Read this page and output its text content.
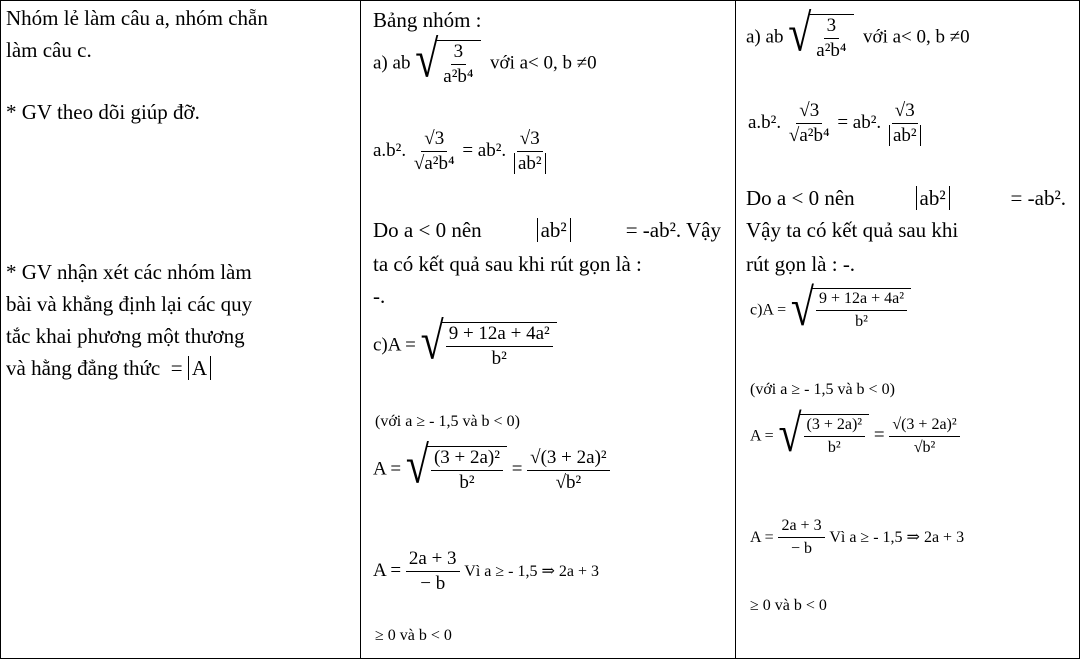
Nhóm lẻ làm câu a, nhóm chẵn
làm câu c.
* GV theo dõi giúp đỡ.
* GV nhận xét các nhóm làm
bài và khẳng định lại các quy
tắc khai phương một thương
và hằng đẳng thức = A
Bảng nhóm :
a) ab √ $\frac{3}{\text{a²b⁴}}$ với a< 0, b ≠0
a.b². $\frac{√3}{\text{√a²b⁴}} = ab^2$. $\frac{√3}{\text{ab²}}$
Do a < 0 nên	ab²	= -ab². Vậy
ta có kết quả sau khi rút gọn là :
-.
c)A = √ $\frac{\text{9 + 12a + 4a²}}{\text{b²}}$
(với a ≥ - 1,5 và b < 0)
A = √ $\frac{\text{(3 + 2a)²}}{\text{b²}} = \frac{\text{√(3 + 2a)²}}{\text{√b²}}$
$A = \frac{2a + 3}{- b}$ Vì a ≥ - 1,5 ⇒ 2a + 3
≥ 0 và b < 0
a) ab √ $\frac{3}{\text{a²b⁴}}$ với a< 0, b ≠0
a.b². $\frac{√3}{\text{√a²b⁴}} = ab^2$. $\frac{√3}{\text{ab²}}$
Do a < 0 nên	ab²	= -ab².
Vậy ta có kết quả sau khi
rút gọn là : -.
c)A = √ $\frac{\text{9 + 12a + 4a²}}{\text{b²}}$
(với a ≥ - 1,5 và b < 0)
A = √ $\frac{\text{(3 + 2a)²}}{\text{b²}} = \frac{\text{√(3 + 2a)²}}{\text{√b²}}$
$A = \frac{2a + 3}{- b}$ Vì a ≥ - 1,5 ⇒ 2a + 3
≥ 0 và b < 0
